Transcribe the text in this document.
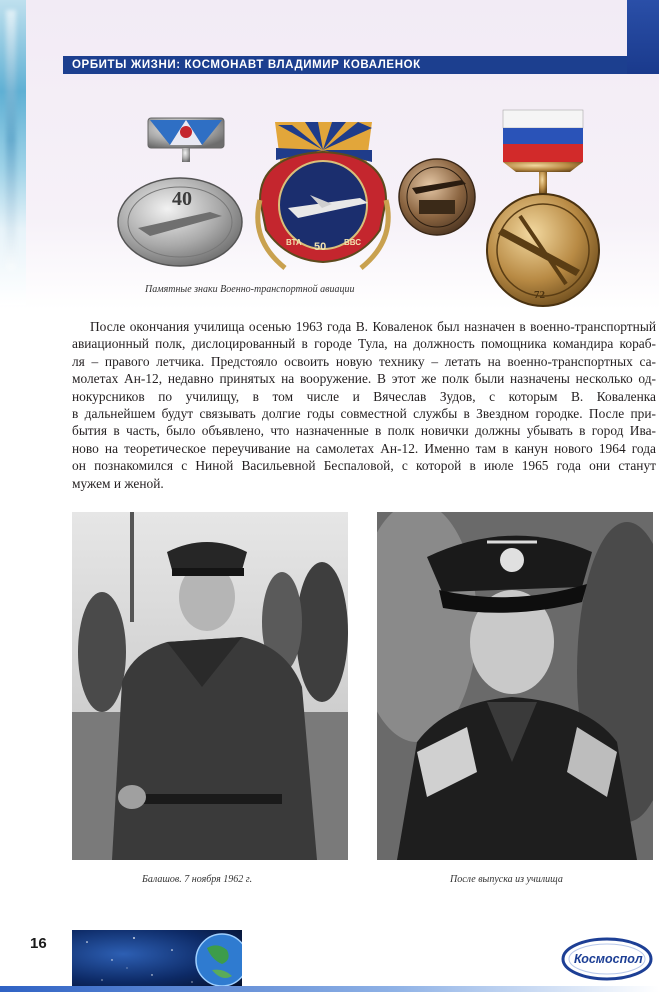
ОРБИТЫ ЖИЗНИ: КОСМОНАВТ ВЛАДИМИР КОВАЛЕНОК
40
ВТА	ВВС
50
72
Памятные знаки Военно-транспортной авиации
После окончания училища осенью 1963 года В. Коваленок был назначен в военно-транспортный
авиационный полк, дислоцированный в городе Тула, на должность помощника командира кораб-
ля – правого летчика. Предстояло освоить новую технику – летать на военно-транспортных са-
молетах Ан-12, недавно принятых на вооружение. В этот же полк были назначены несколько од-
нокурсников по училищу, в том числе и Вячеслав Зудов, с которым В. Коваленка
в дальнейшем будут связывать долгие годы совместной службы в Звездном городке. После при-
бытия в часть, было объявлено, что назначенные в полк новички должны убывать в город Ива-
ново на теоретическое переучивание на самолетах Ан-12. Именно там в канун нового 1964 года
он познакомился с Ниной Васильевной Беспаловой, с которой в июле 1965 года они станут
мужем и женой.
Балашов. 7 ноября 1962 г.	После выпуска из училища
16
Космоспол
